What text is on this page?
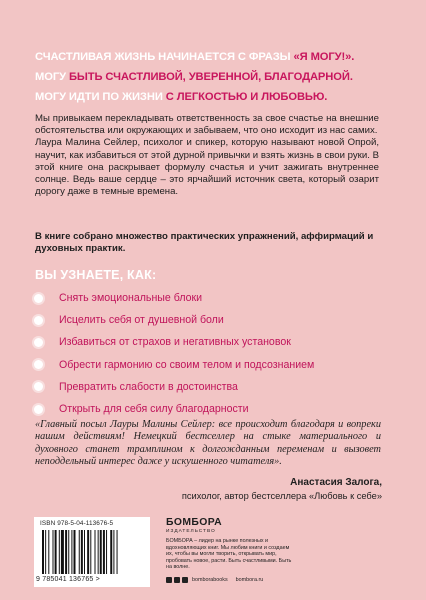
СЧАСТЛИВАЯ ЖИЗНЬ НАЧИНАЕТСЯ С ФРАЗЫ «Я МОГУ!».
МОГУ БЫТЬ СЧАСТЛИВОЙ, УВЕРЕННОЙ, БЛАГОДАРНОЙ.
МОГУ ИДТИ ПО ЖИЗНИ С ЛЕГКОСТЬЮ И ЛЮБОВЬЮ.

Мы привыкаем перекладывать ответственность за свое счастье на внешние обстоятельства или окружающих и забываем, что оно исходит из нас самих.

Лаура Малина Сейлер, психолог и спикер, которую называют новой Опрой, научит, как избавиться от этой дурной привычки и взять жизнь в свои руки. В этой книге она раскрывает формулу счастья и учит зажигать внутреннее солнце. Ведь ваше сердце – это ярчайший источник света, который озарит дорогу даже в темные времена.

В книге собрано множество практических упражнений, аффирмаций и духовных практик.
ВЫ УЗНАЕТЕ, КАК:
Снять эмоциональные блоки
Исцелить себя от душевной боли
Избавиться от страхов и негативных установок
Обрести гармонию со своим телом и подсознанием
Превратить слабости в достоинства
Открыть для себя силу благодарности
«Главный посыл Лауры Малины Сейлер: все происходит благодаря и вопреки нашим действиям! Немецкий бестселлер на стыке материального и духовного станет трамплином к долгожданным переменам и вызовет неподдельный интерес даже у искушенного читателя».
Анастасия Залога,
психолог, автор бестселлера «Любовь к себе»
ISBN 978-5-04-113676-5
9 785041 136765 >
БОМБОРА
ИЗДАТЕЛЬСТВО
БОМБОРА – лидер на рынке полезных и вдохновляющих книг. Мы любим книги и создаем их, чтобы вы могли творить, открывать мир, пробовать новое, расти. Быть счастливыми. Быть на волне.
bomborabooks bombora.ru
